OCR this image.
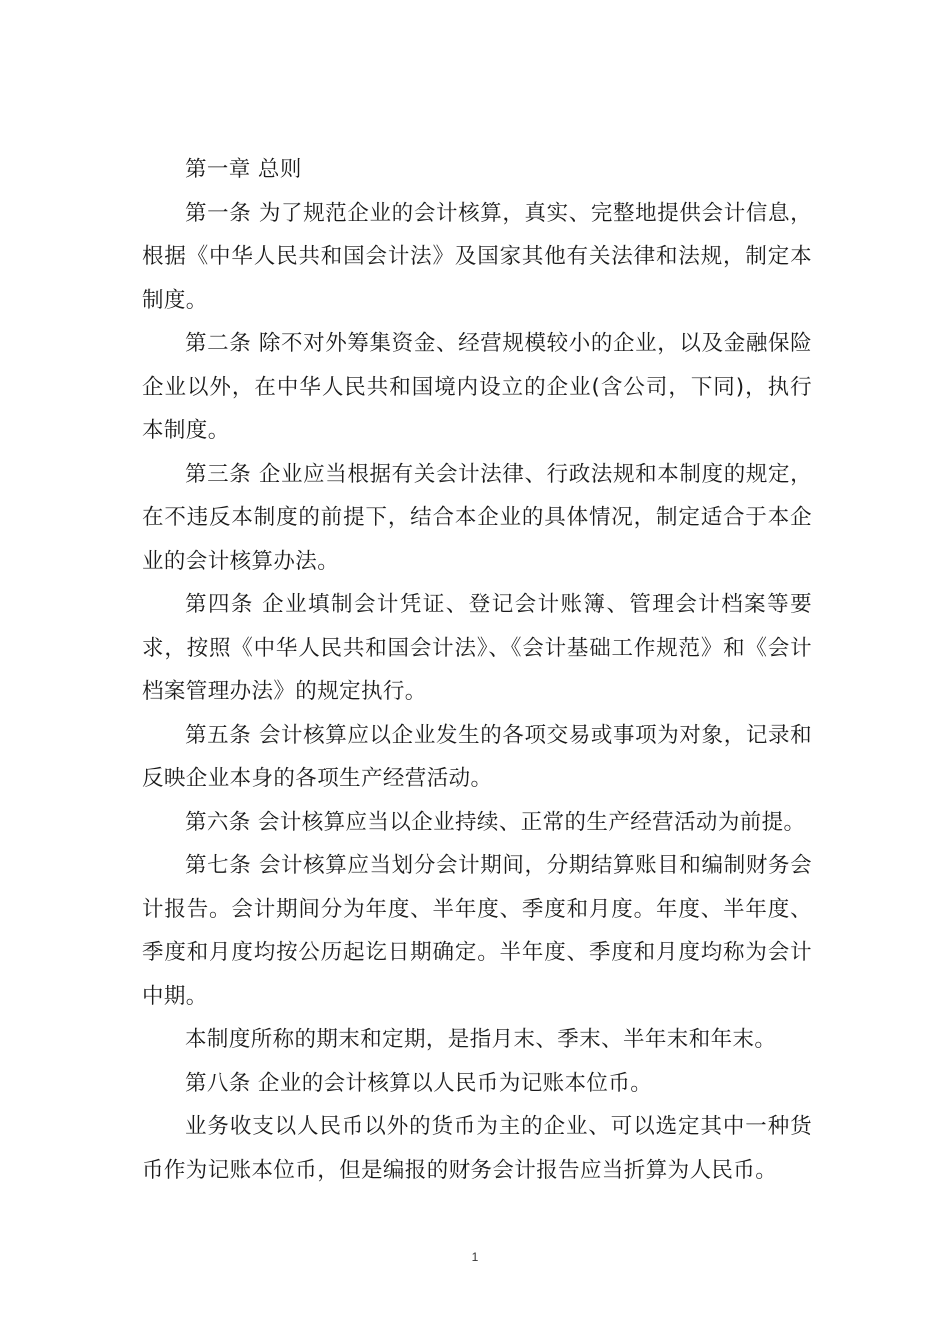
第一章 总则

第一条 为了规范企业的会计核算，真实、完整地提供会计信息，根据《中华人民共和国会计法》及国家其他有关法律和法规，制定本制度。

第二条 除不对外筹集资金、经营规模较小的企业，以及金融保险企业以外，在中华人民共和国境内设立的企业(含公司，下同)，执行本制度。

第三条 企业应当根据有关会计法律、行政法规和本制度的规定，在不违反本制度的前提下，结合本企业的具体情况，制定适合于本企业的会计核算办法。

第四条 企业填制会计凭证、登记会计账簿、管理会计档案等要求，按照《中华人民共和国会计法》、《会计基础工作规范》和《会计档案管理办法》的规定执行。

第五条 会计核算应以企业发生的各项交易或事项为对象，记录和反映企业本身的各项生产经营活动。

第六条 会计核算应当以企业持续、正常的生产经营活动为前提。

第七条 会计核算应当划分会计期间，分期结算账目和编制财务会计报告。会计期间分为年度、半年度、季度和月度。年度、半年度、季度和月度均按公历起讫日期确定。半年度、季度和月度均称为会计中期。

本制度所称的期末和定期，是指月末、季末、半年末和年末。

第八条 企业的会计核算以人民币为记账本位币。

业务收支以人民币以外的货币为主的企业、可以选定其中一种货币作为记账本位币，但是编报的财务会计报告应当折算为人民币。

1
